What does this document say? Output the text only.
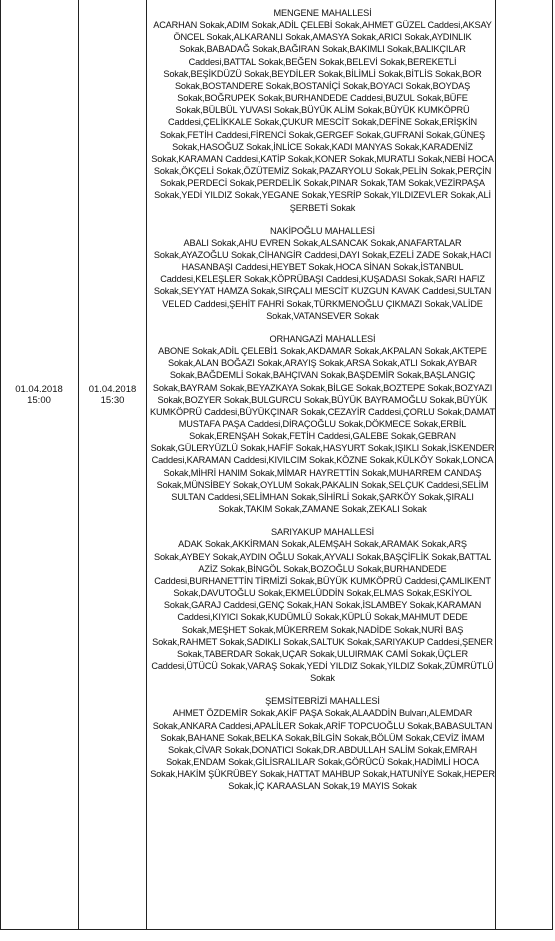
01.04.2018
15:00
01.04.2018
15:30
MENGENE MAHALLESİ
ACARHAN Sokak,ADIM Sokak,ADİL ÇELEBİ Sokak,AHMET GÜZEL Caddesi,AKSAY ÖNCEL Sokak,ALKARANLI Sokak,AMASYA Sokak,ARICI Sokak,AYDINLIK Sokak,BABADAĞ Sokak,BAĞIRAN Sokak,BAKIMLI Sokak,BALIKÇILAR Caddesi,BATTAL Sokak,BEĞEN Sokak,BELEVİ Sokak,BEREKETLİ Sokak,BEŞİKDÜZÜ Sokak,BEYDİLER Sokak,BİLİMLİ Sokak,BİTLİS Sokak,BOR Sokak,BOSTANDERE Sokak,BOSTANİÇİ Sokak,BOYACI Sokak,BOYDAŞ Sokak,BOĞRUPEK Sokak,BURHANDEDE Caddesi,BUZUL Sokak,BÜFE Sokak,BÜLBÜL YUVASI Sokak,BÜYÜK ALİM Sokak,BÜYÜK KUMKÖPRÜ Caddesi,ÇELİKKALE Sokak,ÇUKUR MESCİT Sokak,DEFİNE Sokak,ERİŞKİN Sokak,FETİH Caddesi,FİRENCİ Sokak,GERGEF Sokak,GUFRANİ Sokak,GÜNEŞ Sokak,HASOĞUZ Sokak,İNLİCE Sokak,KADI MANYAS Sokak,KARADENİZ Sokak,KARAMAN Caddesi,KATİP Sokak,KONER Sokak,MURATLI Sokak,NEBİ HOCA Sokak,ÖKÇELİ Sokak,ÖZÜTEMİZ Sokak,PAZARYOLU Sokak,PELİN Sokak,PERÇİN Sokak,PERDECİ Sokak,PERDELİK Sokak,PINAR Sokak,TAM Sokak,VEZİRPAŞA Sokak,YEDİ YILDIZ Sokak,YEGANE Sokak,YESRİP Sokak,YILDIZEVLER Sokak,ALİ ŞERBETİ Sokak
NAKİPOĞLU MAHALLESİ
ABALI Sokak,AHU EVREN Sokak,ALSANCAK Sokak,ANAFARTALAR Sokak,AYAZOĞLU Sokak,CİHANGİR Caddesi,DAYI Sokak,EZELİ ZADE Sokak,HACI HASANBAŞI Caddesi,HEYBET Sokak,HOCA SİNAN Sokak,İSTANBUL Caddesi,KELEŞLER Sokak,KÖPRÜBAŞI Caddesi,KUŞADASI Sokak,SARI HAFIZ Sokak,SEYYAT HAMZA Sokak,SIRÇALI MESCİT KUZGUN KAVAK Caddesi,SULTAN VELED Caddesi,ŞEHİT FAHRİ Sokak,TÜRKMENOĞLU ÇIKMAZI Sokak,VALİDE Sokak,VATANSEVER Sokak
ORHANGAZİ MAHALLESİ
ABONE Sokak,ADİL ÇELEBİ1 Sokak,AKDAMAR Sokak,AKPALAN Sokak,AKTEPE Sokak,ALAN BOĞAZI Sokak,ARAYIŞ Sokak,ARSA Sokak,ATLI Sokak,AYBAR Sokak,BAĞDEMLİ Sokak,BAHÇIVAN Sokak,BAŞDEMİR Sokak,BAŞLANGIÇ Sokak,BAYRAM Sokak,BEYAZKAYA Sokak,BİLGE Sokak,BOZTEPE Sokak,BOZYAZI Sokak,BOZYER Sokak,BULGURCU Sokak,BÜYÜK BAYRAMOĞLU Sokak,BÜYÜK KUMKÖPRÜ Caddesi,BÜYÜKÇINAR Sokak,CEZAYİR Caddesi,ÇORLU Sokak,DAMAT MUSTAFA PAŞA Caddesi,DİRAÇOĞLU Sokak,DÖKMECE Sokak,ERBİL Sokak,ERENŞAH Sokak,FETİH Caddesi,GALEBE Sokak,GEBRAN Sokak,GÜLERYÜZLÜ Sokak,HAFİF Sokak,HASYURT Sokak,IŞIKLI Sokak,İSKENDER Caddesi,KARAMAN Caddesi,KIVILCIM Sokak,KÖZNE Sokak,KÜLKÖY Sokak,LONCA Sokak,MİHRİ HANIM Sokak,MİMAR HAYRETTİN Sokak,MUHARREM CANDAŞ Sokak,MÜNSİBEY Sokak,OYLUM Sokak,PAKALIN Sokak,SELÇUK Caddesi,SELİM SULTAN Caddesi,SELİMHAN Sokak,SİHİRLİ Sokak,ŞARKÖY Sokak,ŞIRALI Sokak,TAKIM Sokak,ZAMANE Sokak,ZEKALI Sokak
SARIYAKUP MAHALLESİ
ADAK Sokak,AKKİRMAN Sokak,ALEMŞAH Sokak,ARAMAK Sokak,ARŞ Sokak,AYBEY Sokak,AYDIN OĞLU Sokak,AYVALI Sokak,BAŞÇİFLİK Sokak,BATTAL AZİZ Sokak,BİNGÖL Sokak,BOZOĞLU Sokak,BURHANDEDE Caddesi,BURHANETTİN TİRMİZİ Sokak,BÜYÜK KUMKÖPRÜ Caddesi,ÇAMLIKENT Sokak,DAVUTOĞLU Sokak,EKMELÜDDİN Sokak,ELMAS Sokak,ESKİYOL Sokak,GARAJ Caddesi,GENÇ Sokak,HAN Sokak,İSLAMBEY Sokak,KARAMAN Caddesi,KIYICI Sokak,KUDÜMLÜ Sokak,KÜPLÜ Sokak,MAHMUT DEDE Sokak,MEŞHET Sokak,MÜKERREM Sokak,NADİDE Sokak,NURİ BAŞ Sokak,RAHMET Sokak,SADIKLI Sokak,SALTUK Sokak,SARIYAKUP Caddesi,ŞENER Sokak,TABERDAR Sokak,UÇAR Sokak,ULUIRMAK CAMİ Sokak,ÜÇLER Caddesi,ÜTÜCÜ Sokak,VARAŞ Sokak,YEDİ YILDIZ Sokak,YILDIZ Sokak,ZÜMRÜTLÜ Sokak
ŞEMSİTEBRİZİ MAHALLESİ
AHMET ÖZDEMİR Sokak,AKİF PAŞA Sokak,ALAADDİN Bulvarı,ALEMDAR Sokak,ANKARA Caddesi,APALİLER Sokak,ARİF TOPCUOĞLU Sokak,BABASULTAN Sokak,BAHANE Sokak,BELKA Sokak,BİLGİN Sokak,BÖLÜM Sokak,CEVİZ İMAM Sokak,CİVAR Sokak,DONATICI Sokak,DR.ABDULLAH SALİM Sokak,EMRAH Sokak,ENDAM Sokak,GİLİSRALILAR Sokak,GÖRÜCÜ Sokak,HADİMLİ HOCA Sokak,HAKİM ŞÜKRÜBEY Sokak,HATTAT MAHBUP Sokak,HATUNİYE Sokak,HEPER Sokak,İÇ KARAASLAN Sokak,19 MAYIS Sokak
